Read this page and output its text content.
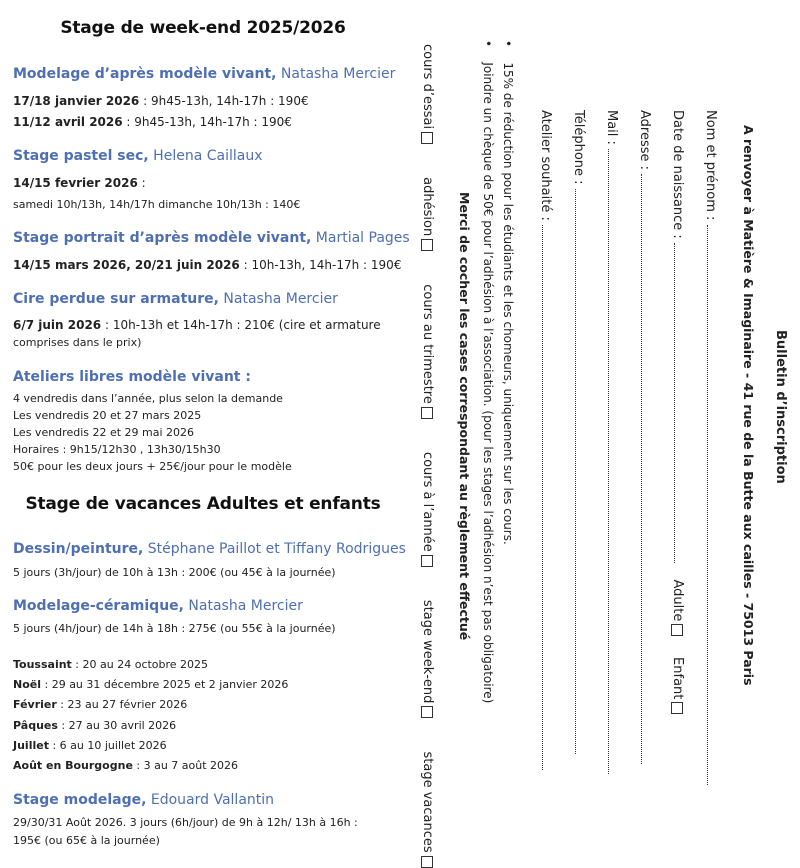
Stage de week-end 2025/2026
Modelage d’après modèle vivant, Natasha Mercier
17/18 janvier 2026 : 9h45-13h, 14h-17h : 190€
11/12 avril 2026 : 9h45-13h, 14h-17h : 190€
Stage pastel sec, Helena Caillaux
14/15 fevrier 2026 :
samedi 10h/13h, 14h/17h dimanche 10h/13h : 140€
Stage portrait d’après modèle vivant, Martial Pages
14/15 mars 2026, 20/21 juin 2026 : 10h-13h, 14h-17h : 190€
Cire perdue sur armature, Natasha Mercier
6/7 juin 2026 : 10h-13h et 14h-17h : 210€ (cire et armature
comprises dans le prix)
Ateliers libres modèle vivant :
4 vendredis dans l’année, plus selon la demande
Les vendredis 20 et 27 mars 2025
Les vendredis 22 et 29 mai 2026
Horaires : 9h15/12h30 , 13h30/15h30
50€ pour les deux jours + 25€/jour pour le modèle
Stage de vacances Adultes et enfants
Dessin/peinture, Stéphane Paillot et Tiffany Rodrigues
5 jours (3h/jour) de 10h à 13h : 200€ (ou 45€ à la journée)
Modelage-céramique, Natasha Mercier
5 jours (4h/jour) de 14h à 18h : 275€ (ou 55€ à la journée)
Toussaint : 20 au 24 octobre 2025
Noël : 29 au 31 décembre 2025 et 2 janvier 2026
Février : 23 au 27 février 2026
Pâques : 27 au 30 avril 2026
Juillet : 6 au 10 juillet 2026
Août en Bourgogne : 3 au 7 août 2026
Stage modelage, Edouard Vallantin
29/30/31 Août 2026. 3 jours (6h/jour) de 9h à 12h/ 13h à 16h :
195€ (ou 65€ à la journée)
Bulletin d’inscription
A renvoyer à Matière & Imaginaire - 41 rue de la Butte aux cailles - 75013 Paris
Nom et prénom :
Date de naissance :     Adulte     Enfant
Adresse :
Mail :
Téléphone :
Atelier souhaité :
•    15% de réduction pour les étudiants et les chomeurs, uniquement sur les cours.
•    Joindre un chèque de 50€ pour l’adhésion à l’association. (pour les stages l’adhésion n’est pas obligatoire)
Merci de cocher les cases correspondant au règlement effectué
cours d’essai        adhésion        cours au trimestre        cours à l’année        stage week-end        stage vacances
